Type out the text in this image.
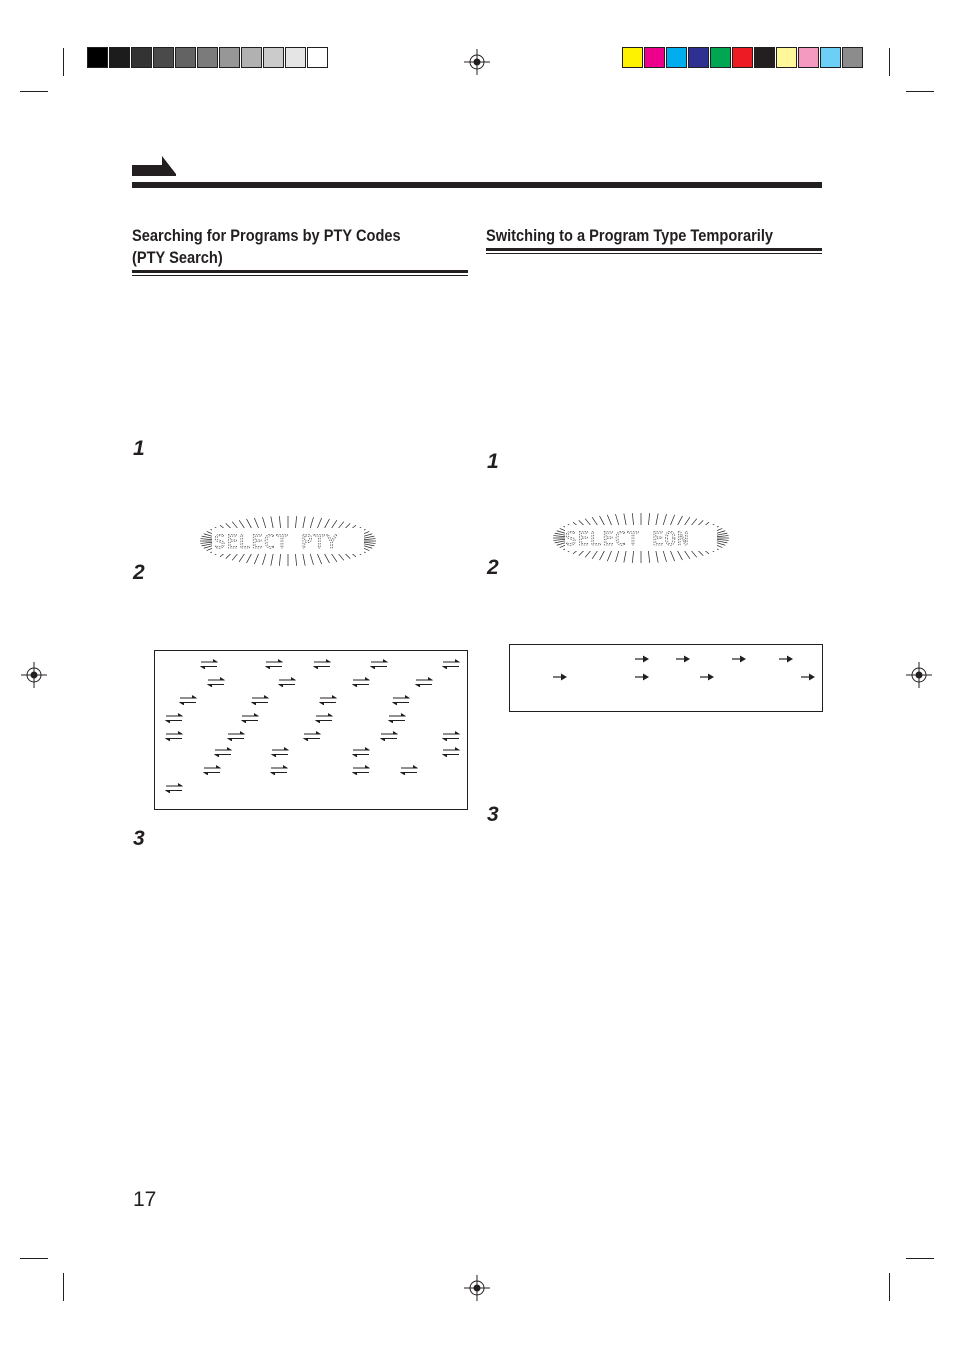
Searching for Programs by PTY Codes
(PTY Search)
1
2
3
SELECT PTY
Switching to a Program Type Temporarily
1
2
3
SELECT EON
17
